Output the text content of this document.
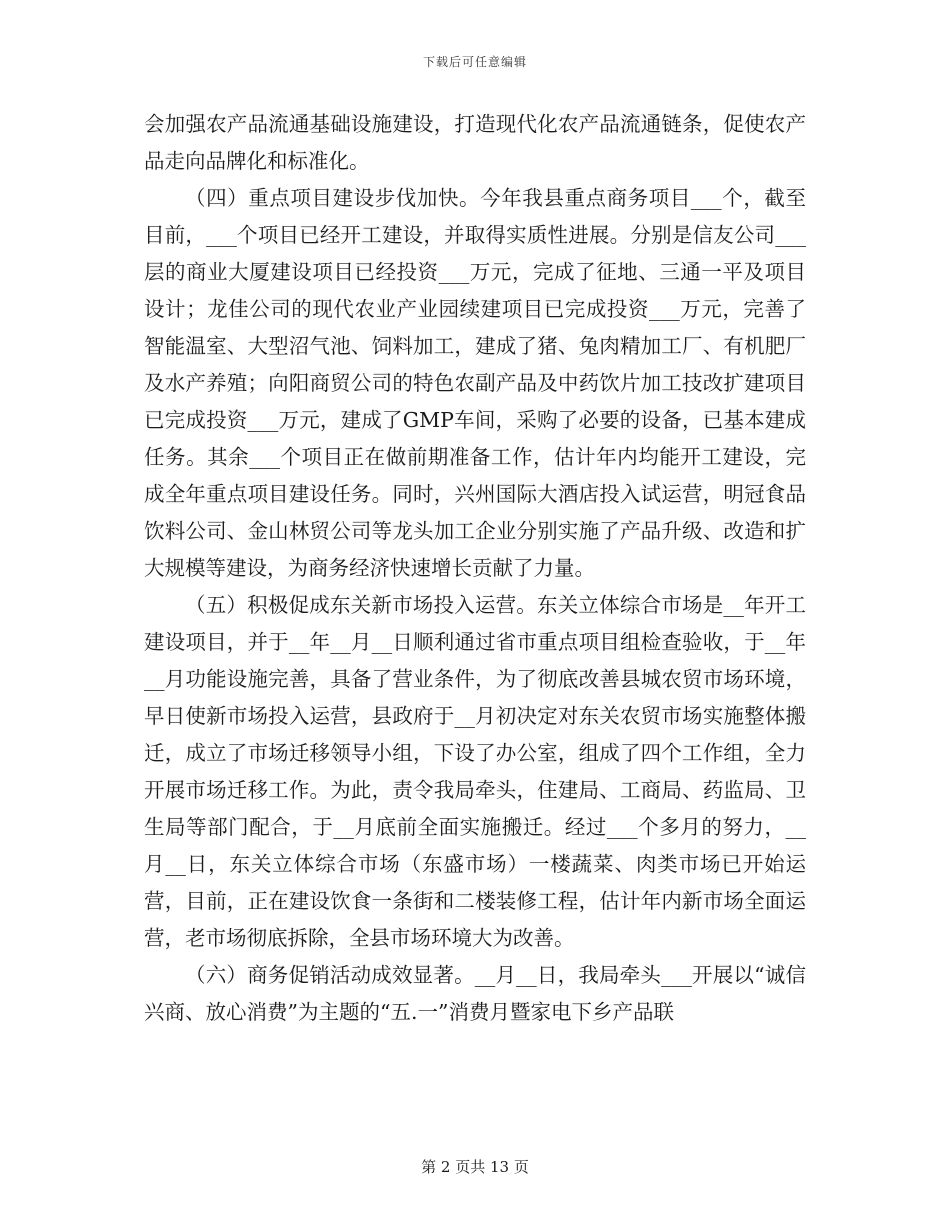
下载后可任意编辑

会加强农产品流通基础设施建设，打造现代化农产品流通链条，促使农产品走向品牌化和标准化。

（四）重点项目建设步伐加快。今年我县重点商务项目___个，截至目前，___个项目已经开工建设，并取得实质性进展。分别是信友公司___层的商业大厦建设项目已经投资___万元，完成了征地、三通一平及项目设计；龙佳公司的现代农业产业园续建项目已完成投资___万元，完善了智能温室、大型沼气池、饲料加工，建成了猪、兔肉精加工厂、有机肥厂及水产养殖；向阳商贸公司的特色农副产品及中药饮片加工技改扩建项目已完成投资___万元，建成了GMP车间，采购了必要的设备，已基本建成任务。其余___个项目正在做前期准备工作，估计年内均能开工建设，完成全年重点项目建设任务。同时，兴州国际大酒店投入试运营，明冠食品饮料公司、金山林贸公司等龙头加工企业分别实施了产品升级、改造和扩大规模等建设，为商务经济快速增长贡献了力量。

（五）积极促成东关新市场投入运营。东关立体综合市场是__年开工建设项目，并于__年__月__日顺利通过省市重点项目组检查验收，于__年__月功能设施完善，具备了营业条件，为了彻底改善县城农贸市场环境，早日使新市场投入运营，县政府于__月初决定对东关农贸市场实施整体搬迁，成立了市场迁移领导小组，下设了办公室，组成了四个工作组，全力开展市场迁移工作。为此，责令我局牵头，住建局、工商局、药监局、卫生局等部门配合，于__月底前全面实施搬迁。经过___个多月的努力，__月__日，东关立体综合市场（东盛市场）一楼蔬菜、肉类市场已开始运营，目前，正在建设饮食一条街和二楼装修工程，估计年内新市场全面运营，老市场彻底拆除，全县市场环境大为改善。

（六）商务促销活动成效显著。__月__日，我局牵头___开展以“诚信兴商、放心消费”为主题的“五.一”消费月暨家电下乡产品联

第 2 页共 13 页
